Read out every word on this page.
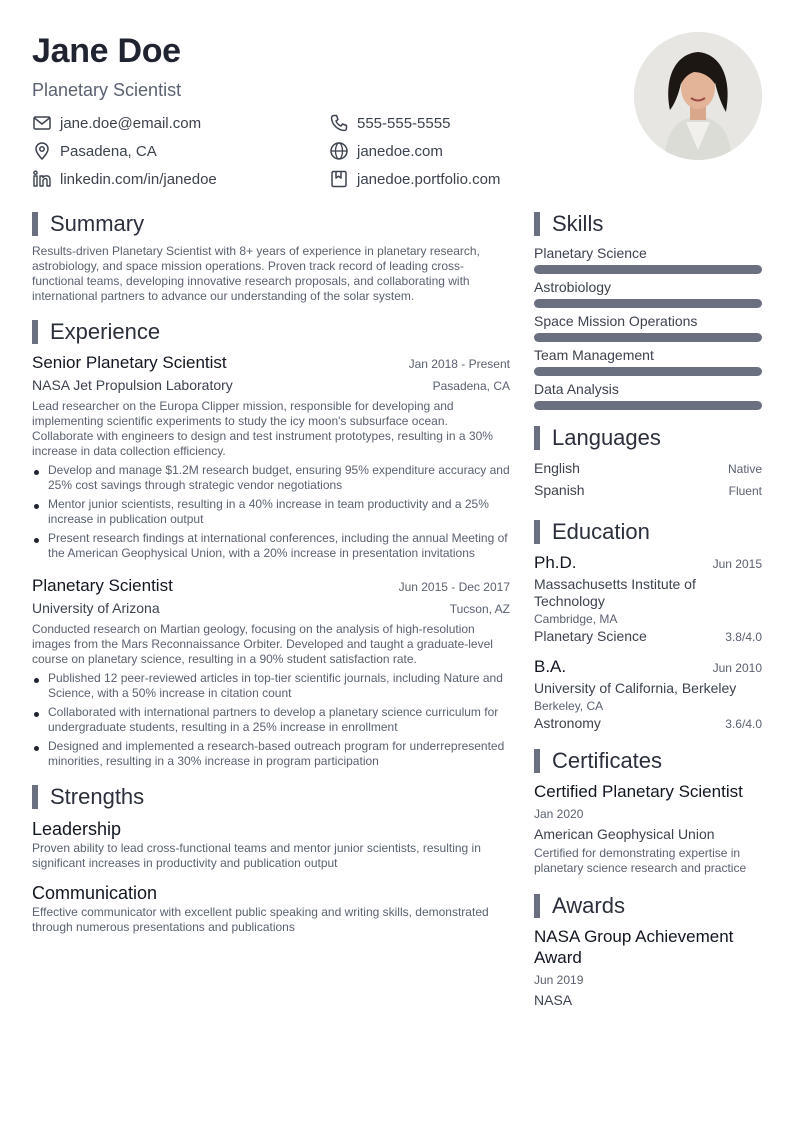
Jane Doe
Planetary Scientist
jane.doe@email.com	555-555-5555
Pasadena, CA	janedoe.com
linkedin.com/in/janedoe	janedoe.portfolio.com
Summary
Results-driven Planetary Scientist with 8+ years of experience in planetary research, astrobiology, and space mission operations. Proven track record of leading cross-functional teams, developing innovative research proposals, and collaborating with international partners to advance our understanding of the solar system.
Experience
Senior Planetary Scientist	Jan 2018 - Present
NASA Jet Propulsion Laboratory	Pasadena, CA
Lead researcher on the Europa Clipper mission, responsible for developing and implementing scientific experiments to study the icy moon's subsurface ocean. Collaborate with engineers to design and test instrument prototypes, resulting in a 30% increase in data collection efficiency.
Develop and manage $1.2M research budget, ensuring 95% expenditure accuracy and 25% cost savings through strategic vendor negotiations
Mentor junior scientists, resulting in a 40% increase in team productivity and a 25% increase in publication output
Present research findings at international conferences, including the annual Meeting of the American Geophysical Union, with a 20% increase in presentation invitations
Planetary Scientist	Jun 2015 - Dec 2017
University of Arizona	Tucson, AZ
Conducted research on Martian geology, focusing on the analysis of high-resolution images from the Mars Reconnaissance Orbiter. Developed and taught a graduate-level course on planetary science, resulting in a 90% student satisfaction rate.
Published 12 peer-reviewed articles in top-tier scientific journals, including Nature and Science, with a 50% increase in citation count
Collaborated with international partners to develop a planetary science curriculum for undergraduate students, resulting in a 25% increase in enrollment
Designed and implemented a research-based outreach program for underrepresented minorities, resulting in a 30% increase in program participation
Strengths
Leadership
Proven ability to lead cross-functional teams and mentor junior scientists, resulting in significant increases in productivity and publication output
Communication
Effective communicator with excellent public speaking and writing skills, demonstrated through numerous presentations and publications
Skills
Planetary Science
Astrobiology
Space Mission Operations
Team Management
Data Analysis
Languages
English	Native
Spanish	Fluent
Education
Ph.D.	Jun 2015
Massachusetts Institute of Technology
Cambridge, MA
Planetary Science	3.8/4.0
B.A.	Jun 2010
University of California, Berkeley
Berkeley, CA
Astronomy	3.6/4.0
Certificates
Certified Planetary Scientist
Jan 2020
American Geophysical Union
Certified for demonstrating expertise in planetary science research and practice
Awards
NASA Group Achievement Award
Jun 2019
NASA
